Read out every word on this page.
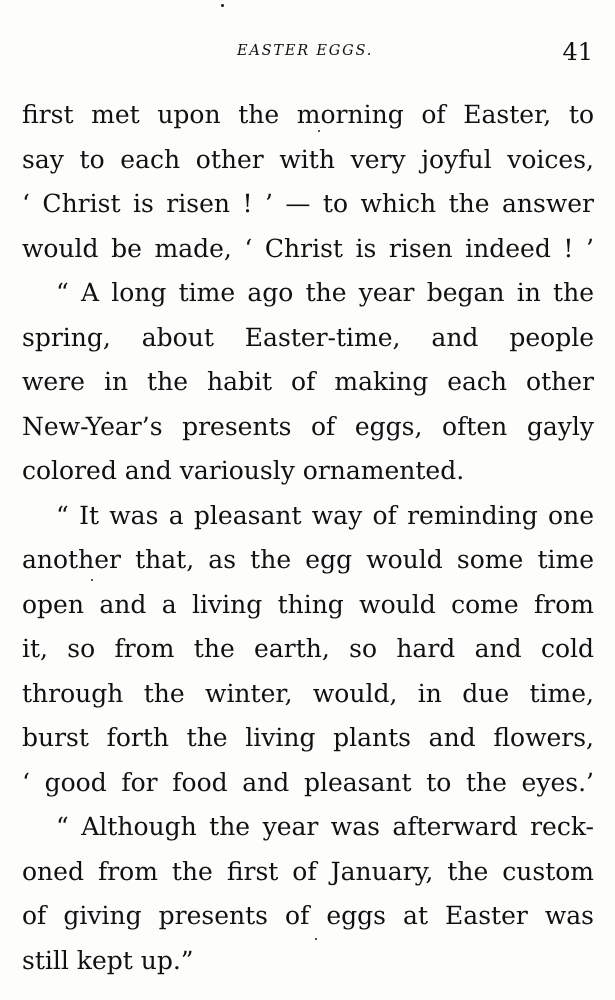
EASTER EGGS.	41
first met upon the morning of Easter, to
say to each other with very joyful voices,
‘ Christ is risen ! ’ — to which the answer
would be made, ‘ Christ is risen indeed ! ’
“ A long time ago the year began in the
spring, about Easter-time, and people
were in the habit of making each other
New-Year’s presents of eggs, often gayly
colored and variously ornamented.
“ It was a pleasant way of reminding one
another that, as the egg would some time
open and a living thing would come from
it, so from the earth, so hard and cold
through the winter, would, in due time,
burst forth the living plants and flowers,
‘ good for food and pleasant to the eyes.’
“ Although the year was afterward reck-
oned from the first of January, the custom
of giving presents of eggs at Easter was
still kept up.”
